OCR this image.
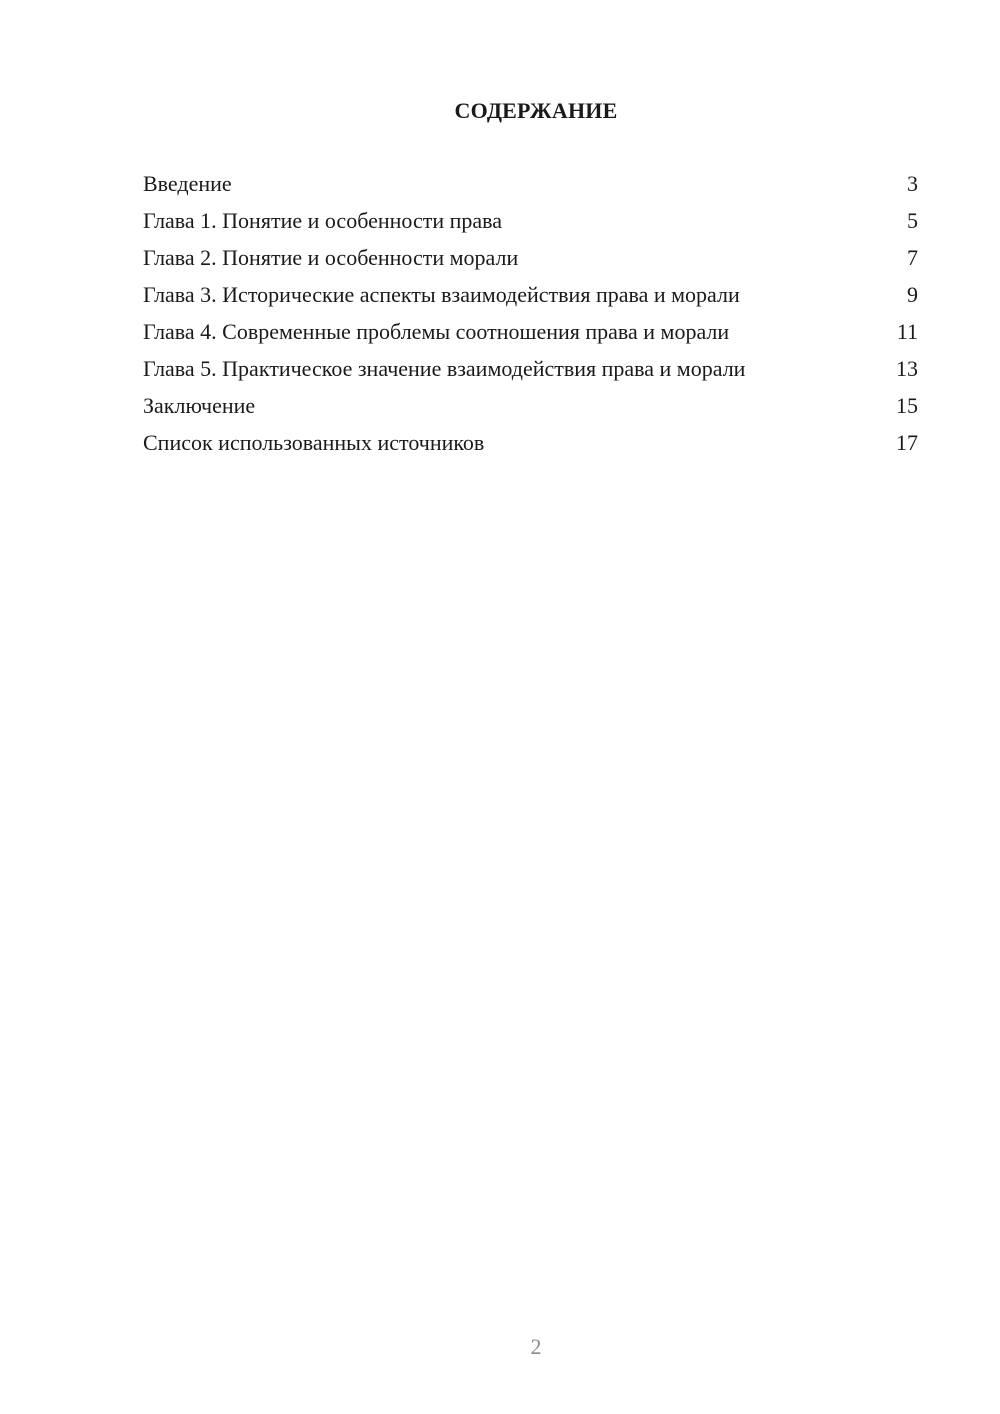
СОДЕРЖАНИЕ
Введение	3
Глава 1. Понятие и особенности права	5
Глава 2. Понятие и особенности морали	7
Глава 3. Исторические аспекты взаимодействия права и морали	9
Глава 4. Современные проблемы соотношения права и морали	11
Глава 5. Практическое значение взаимодействия права и морали	13
Заключение	15
Список использованных источников	17
2
